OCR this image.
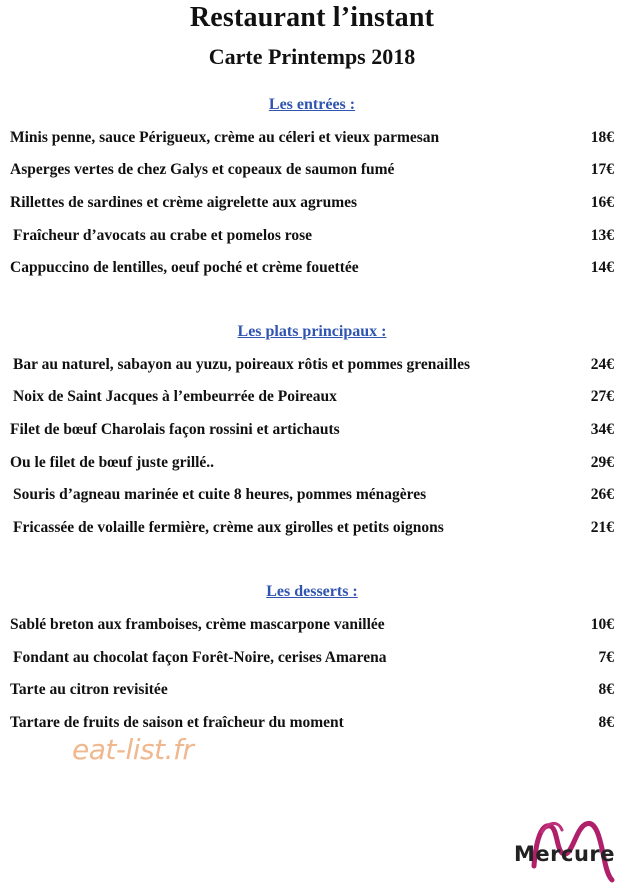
Restaurant l’instant
Carte Printemps 2018
Les entrées :
Minis penne, sauce Périgueux, crème au céleri et vieux parmesan	18€
Asperges vertes de chez Galys et copeaux de saumon fumé	17€
Rillettes de sardines et crème aigrelette aux agrumes	16€
Fraîcheur d’avocats au crabe et pomelos rose	13€
Cappuccino de lentilles, oeuf poché et crème fouettée	14€
Les plats principaux :
Bar au naturel, sabayon au yuzu, poireaux rôtis et pommes grenailles	24€
Noix de Saint Jacques à l’embeurrée de Poireaux	27€
Filet de bœuf Charolais façon rossini et artichauts	34€
Ou le filet de bœuf juste grillé..	29€
Souris d’agneau marinée et cuite 8 heures, pommes ménagères	26€
Fricassée de volaille fermière, crème aux girolles et petits oignons	21€
Les desserts :
Sablé breton aux framboises, crème mascarpone vanillée	10€
Fondant au chocolat façon Forêt-Noire, cerises Amarena	7€
Tarte au citron revisitée	8€
Tartare de fruits de saison et fraîcheur du moment	8€
eat-list.fr
Mercure
